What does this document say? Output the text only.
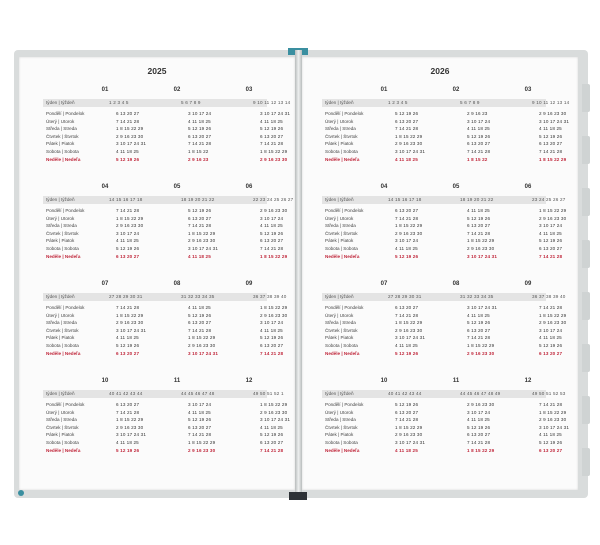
2025	2026
01	02	03
týden | týždeň	1 2 3 4 5	5 6 7 8 9	9 10 11 12 13 14
Pondělí | Pondelok	6 13 20 27	3 10 17 24	3 10 17 24 31
Úterý | Utorok	7 14 21 28	4 11 18 25	4 11 18 25
Středa | Streda	1 8 15 22 29	5 12 19 26	5 12 19 26
Čtvrtek | Štvrtok	2 9 16 23 30	6 13 20 27	6 13 20 27
Pátek | Piatok	3 10 17 24 31	7 14 21 28	7 14 21 28
Sobota | Sobota	4 11 18 25	1 8 15 22	1 8 15 22 29
Neděle | Nedeľa	5 12 19 26	2 9 16 23	2 9 16 23 30
04	05	06
týden | týždeň	14 15 16 17 18	18 19 20 21 22	22 23 24 25 26 27
Pondělí | Pondelok	7 14 21 28	5 12 19 26	2 9 16 23 30
Úterý | Utorok	1 8 15 22 29	6 13 20 27	3 10 17 24
Středa | Streda	2 9 16 23 30	7 14 21 28	4 11 18 25
Čtvrtek | Štvrtok	3 10 17 24	1 8 15 22 29	5 12 19 26
Pátek | Piatok	4 11 18 25	2 9 16 23 30	6 13 20 27
Sobota | Sobota	5 12 19 26	3 10 17 24 31	7 14 21 28
Neděle | Nedeľa	6 13 20 27	4 11 18 25	1 8 15 22 29
07	08	09
týden | týždeň	27 28 29 30 31	31 32 33 34 35	36 37 38 39 40
Pondělí | Pondelok	7 14 21 28	4 11 18 25	1 8 15 22 29
Úterý | Utorok	1 8 15 22 29	5 12 19 26	2 9 16 23 30
Středa | Streda	2 9 16 23 30	6 13 20 27	3 10 17 24
Čtvrtek | Štvrtok	3 10 17 24 31	7 14 21 28	4 11 18 25
Pátek | Piatok	4 11 18 25	1 8 15 22 29	5 12 19 26
Sobota | Sobota	5 12 19 26	2 9 16 23 30	6 13 20 27
Neděle | Nedeľa	6 13 20 27	3 10 17 24 31	7 14 21 28
10	11	12
týden | týždeň	40 41 42 43 44	44 45 46 47 48	49 50 51 52 1
Pondělí | Pondelok	6 13 20 27	3 10 17 24	1 8 15 22 29
Úterý | Utorok	7 14 21 28	4 11 18 25	2 9 16 23 30
Středa | Streda	1 8 15 22 29	5 12 19 26	3 10 17 24 31
Čtvrtek | Štvrtok	2 9 16 23 30	6 13 20 27	4 11 18 25
Pátek | Piatok	3 10 17 24 31	7 14 21 28	5 12 19 26
Sobota | Sobota	4 11 18 25	1 8 15 22 29	6 13 20 27
Neděle | Nedeľa	5 12 19 26	2 9 16 23 30	7 14 21 28
01	02	03
týden | týždeň	1 2 3 4 5	5 6 7 8 9	9 10 11 12 13 14
Pondělí | Pondelok	5 12 19 26	2 9 16 23	2 9 16 23 30
Úterý | Utorok	6 13 20 27	3 10 17 24	3 10 17 24 31
Středa | Streda	7 14 21 28	4 11 18 25	4 11 18 25
Čtvrtek | Štvrtok	1 8 15 22 29	5 12 19 26	5 12 19 26
Pátek | Piatok	2 9 16 23 30	6 13 20 27	6 13 20 27
Sobota | Sobota	3 10 17 24 31	7 14 21 28	7 14 21 28
Neděle | Nedeľa	4 11 18 25	1 8 15 22	1 8 15 22 29
04	05	06
týden | týždeň	14 15 16 17 18	18 19 20 21 22	23 24 25 26 27
Pondělí | Pondelok	6 13 20 27	4 11 18 25	1 8 15 22 29
Úterý | Utorok	7 14 21 28	5 12 19 26	2 9 16 23 30
Středa | Streda	1 8 15 22 29	6 13 20 27	3 10 17 24
Čtvrtek | Štvrtok	2 9 16 23 30	7 14 21 28	4 11 18 25
Pátek | Piatok	3 10 17 24	1 8 15 22 29	5 12 19 26
Sobota | Sobota	4 11 18 25	2 9 16 23 30	6 13 20 27
Neděle | Nedeľa	5 12 19 26	3 10 17 24 31	7 14 21 28
07	08	09
týden | týždeň	27 28 29 30 31	31 32 33 34 35	36 37 38 39 40
Pondělí | Pondelok	6 13 20 27	3 10 17 24 31	7 14 21 28
Úterý | Utorok	7 14 21 28	4 11 18 25	1 8 15 22 29
Středa | Streda	1 8 15 22 29	5 12 19 26	2 9 16 23 30
Čtvrtek | Štvrtok	2 9 16 23 30	6 13 20 27	3 10 17 24
Pátek | Piatok	3 10 17 24 31	7 14 21 28	4 11 18 25
Sobota | Sobota	4 11 18 25	1 8 15 22 29	5 12 19 26
Neděle | Nedeľa	5 12 19 26	2 9 16 23 30	6 13 20 27
10	11	12
týden | týždeň	40 41 42 43 44	44 45 46 47 48 49	49 50 51 52 53
Pondělí | Pondelok	5 12 19 26	2 9 16 23 30	7 14 21 28
Úterý | Utorok	6 13 20 27	3 10 17 24	1 8 15 22 29
Středa | Streda	7 14 21 28	4 11 18 25	2 9 16 23 30
Čtvrtek | Štvrtok	1 8 15 22 29	5 12 19 26	3 10 17 24 31
Pátek | Piatok	2 9 16 23 30	6 13 20 27	4 11 18 25
Sobota | Sobota	3 10 17 24 31	7 14 21 28	5 12 19 26
Neděle | Nedeľa	4 11 18 25	1 8 15 22 29	6 13 20 27
